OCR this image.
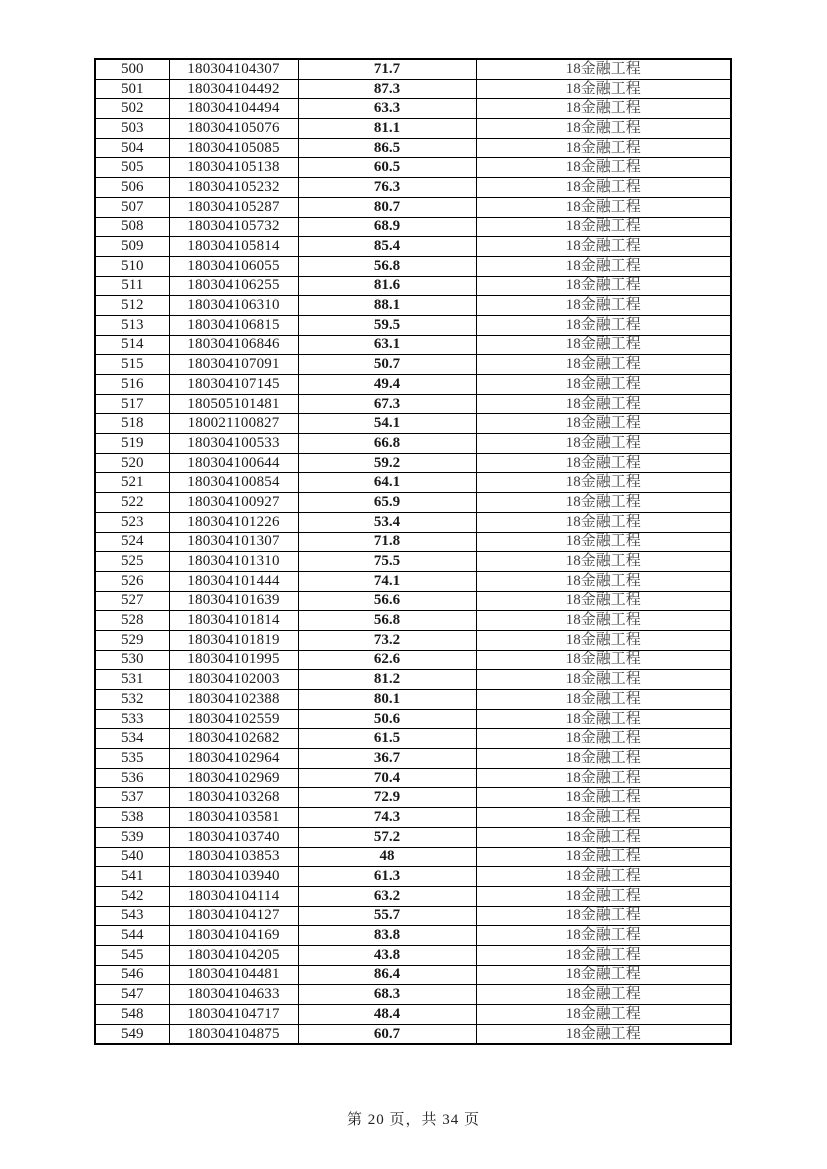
500	180304104307	71.7	18金融工程
501	180304104492	87.3	18金融工程
502	180304104494	63.3	18金融工程
503	180304105076	81.1	18金融工程
504	180304105085	86.5	18金融工程
505	180304105138	60.5	18金融工程
506	180304105232	76.3	18金融工程
507	180304105287	80.7	18金融工程
508	180304105732	68.9	18金融工程
509	180304105814	85.4	18金融工程
510	180304106055	56.8	18金融工程
511	180304106255	81.6	18金融工程
512	180304106310	88.1	18金融工程
513	180304106815	59.5	18金融工程
514	180304106846	63.1	18金融工程
515	180304107091	50.7	18金融工程
516	180304107145	49.4	18金融工程
517	180505101481	67.3	18金融工程
518	180021100827	54.1	18金融工程
519	180304100533	66.8	18金融工程
520	180304100644	59.2	18金融工程
521	180304100854	64.1	18金融工程
522	180304100927	65.9	18金融工程
523	180304101226	53.4	18金融工程
524	180304101307	71.8	18金融工程
525	180304101310	75.5	18金融工程
526	180304101444	74.1	18金融工程
527	180304101639	56.6	18金融工程
528	180304101814	56.8	18金融工程
529	180304101819	73.2	18金融工程
530	180304101995	62.6	18金融工程
531	180304102003	81.2	18金融工程
532	180304102388	80.1	18金融工程
533	180304102559	50.6	18金融工程
534	180304102682	61.5	18金融工程
535	180304102964	36.7	18金融工程
536	180304102969	70.4	18金融工程
537	180304103268	72.9	18金融工程
538	180304103581	74.3	18金融工程
539	180304103740	57.2	18金融工程
540	180304103853	48	18金融工程
541	180304103940	61.3	18金融工程
542	180304104114	63.2	18金融工程
543	180304104127	55.7	18金融工程
544	180304104169	83.8	18金融工程
545	180304104205	43.8	18金融工程
546	180304104481	86.4	18金融工程
547	180304104633	68.3	18金融工程
548	180304104717	48.4	18金融工程
549	180304104875	60.7	18金融工程
第 20 页，共 34 页
